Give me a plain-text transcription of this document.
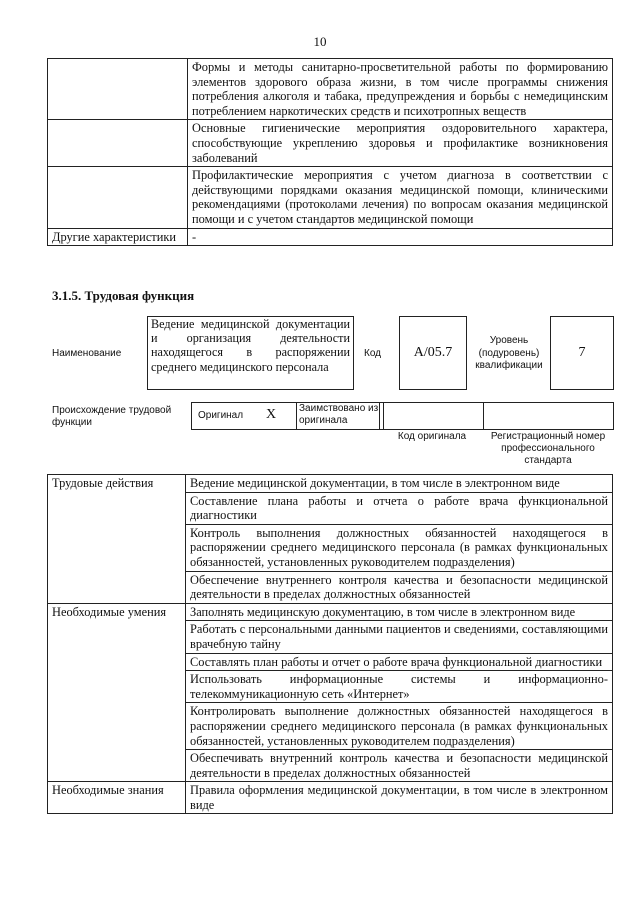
10
	Формы и методы санитарно-просветительной работы по формированию элементов здорового образа жизни, в том числе программы снижения потребления алкоголя и табака, предупреждения и борьбы с немедицинским потреблением наркотических средств и психотропных веществ
	Основные гигиенические мероприятия оздоровительного характера, способствующие укреплению здоровья и профилактике возникновения заболеваний
	Профилактические мероприятия с учетом диагноза в соответствии с действующими порядками оказания медицинской помощи, клиническими рекомендациями (протоколами лечения) по вопросам оказания медицинской помощи и с учетом стандартов медицинской помощи
Другие характеристики	-
3.1.5. Трудовая функция
Наименование
Ведение медицинской документации и организация деятельности находящегося в распоряжении среднего медицинского персонала
Код	A/05.7
Уровень (подуровень) квалификации
7
Происхождение трудовой функции
Оригинал X	Заимствовано из оригинала
Код оригинала	Регистрационный номер профессионального стандарта
Трудовые действия	Ведение медицинской документации, в том числе в электронном виде
	Составление плана работы и отчета о работе врача функциональной диагностики
	Контроль выполнения должностных обязанностей находящегося в распоряжении среднего медицинского персонала (в рамках функциональных обязанностей, установленных руководителем подразделения)
	Обеспечение внутреннего контроля качества и безопасности медицинской деятельности в пределах должностных обязанностей
Необходимые умения	Заполнять медицинскую документацию, в том числе в электронном виде
	Работать с персональными данными пациентов и сведениями, составляющими врачебную тайну
	Составлять план работы и отчет о работе врача функциональной диагностики
	Использовать информационные системы и информационно-телекоммуникационную сеть «Интернет»
	Контролировать выполнение должностных обязанностей находящегося в распоряжении среднего медицинского персонала (в рамках функциональных обязанностей, установленных руководителем подразделения)
	Обеспечивать внутренний контроль качества и безопасности медицинской деятельности в пределах должностных обязанностей
Необходимые знания	Правила оформления медицинской документации, в том числе в электронном виде
